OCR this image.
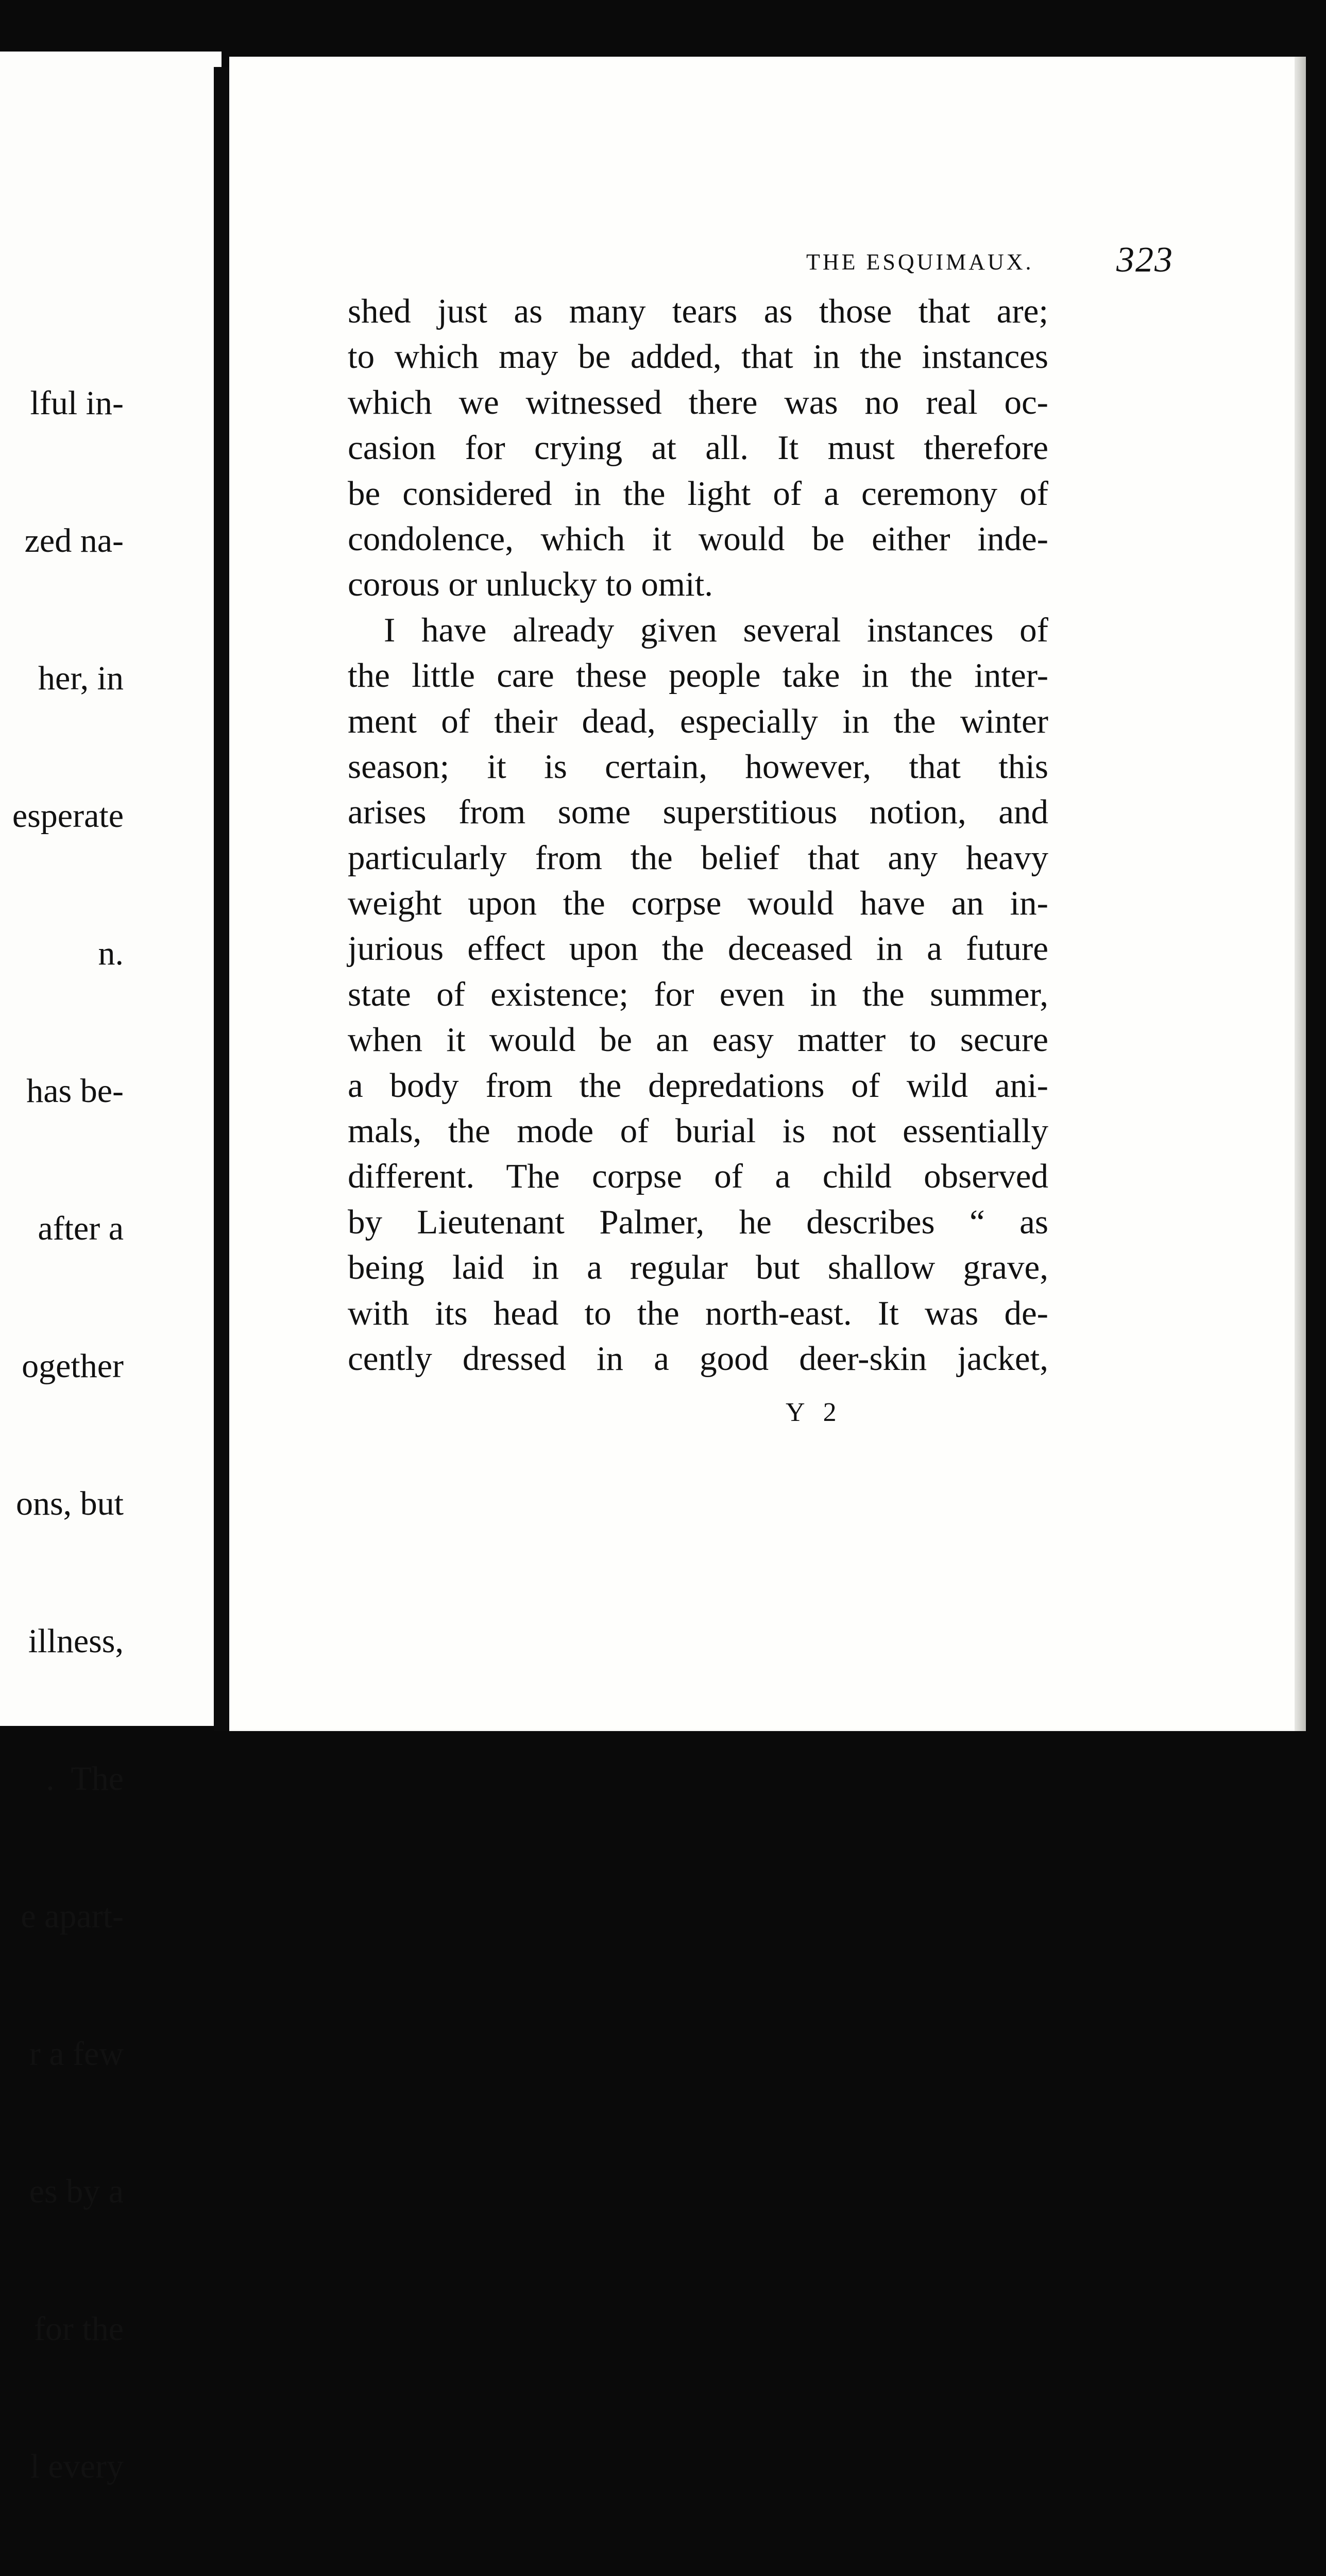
lful in-

zed na-

her, in

esperate

n.

has be-

after a

ogether

ons, but

illness,

.  The

e apart-

r a few

es by a

for the

l every

THE ESQUIMAUX. 323
shed just as many tears as those that are;
to which may be added, that in the instances
which we witnessed there was no real oc-
casion for crying at all. It must therefore
be considered in the light of a ceremony of
condolence, which it would be either inde-
corous or unlucky to omit.
I have already given several instances of
the little care these people take in the inter-
ment of their dead, especially in the winter
season; it is certain, however, that this
arises from some superstitious notion, and
particularly from the belief that any heavy
weight upon the corpse would have an in-
jurious effect upon the deceased in a future
state of existence; for even in the summer,
when it would be an easy matter to secure
a body from the depredations of wild ani-
mals, the mode of burial is not essentially
different. The corpse of a child observed
by Lieutenant Palmer, he describes “ as
being laid in a regular but shallow grave,
with its head to the north-east. It was de-
cently dressed in a good deer-skin jacket,
Y 2
